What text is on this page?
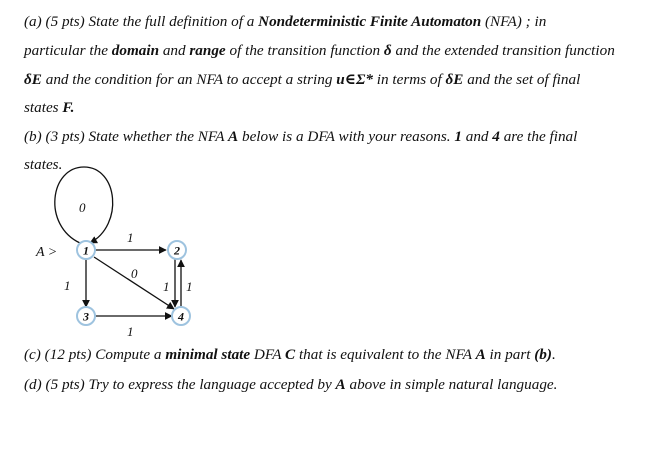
(a) (5 pts) State the full definition of a Nondeterministic Finite Automaton (NFA) ; in
particular the domain and range of the transition function δ and the extended transition function
δE and the condition for an NFA to accept a string u∈Σ* in terms of δE and the set of final
states F.
(b) (3 pts) State whether the NFA A below is a DFA with your reasons. 1 and 4 are the final
states.
0
1
1
0
1
1 1
A > 1	2
3	4
(c) (12 pts) Compute a minimal state DFA C that is equivalent to the NFA A in part (b).
(d) (5 pts) Try to express the language accepted by A above in simple natural language.
